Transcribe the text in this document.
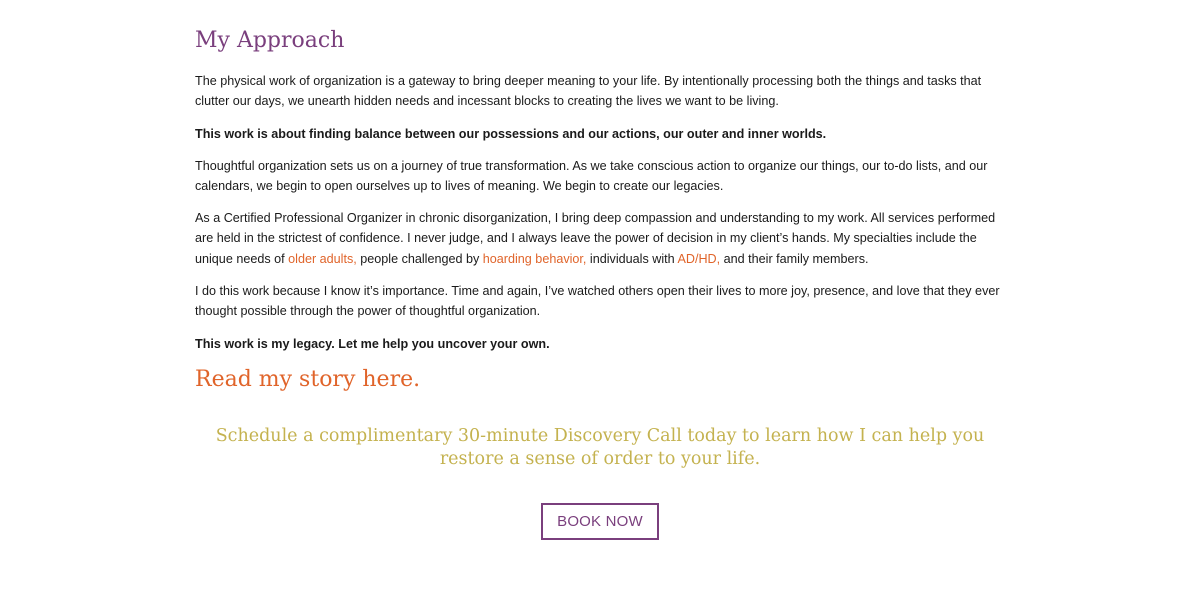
My Approach

The physical work of organization is a gateway to bring deeper meaning to your life. By intentionally processing both the things and tasks that clutter our days, we unearth hidden needs and incessant blocks to creating the lives we want to be living.

This work is about finding balance between our possessions and our actions, our outer and inner worlds.

Thoughtful organization sets us on a journey of true transformation. As we take conscious action to organize our things, our to-do lists, and our calendars, we begin to open ourselves up to lives of meaning. We begin to create our legacies.

As a Certified Professional Organizer in chronic disorganization, I bring deep compassion and understanding to my work. All services performed are held in the strictest of confidence. I never judge, and I always leave the power of decision in my client’s hands. My specialties include the unique needs of older adults, people challenged by hoarding behavior, individuals with AD/HD, and their family members.

I do this work because I know it’s importance. Time and again, I’ve watched others open their lives to more joy, presence, and love that they ever thought possible through the power of thoughtful organization.

This work is my legacy. Let me help you uncover your own.

Read my story here.

Schedule a complimentary 30-minute Discovery Call today to learn how I can help you restore a sense of order to your life.

BOOK NOW
